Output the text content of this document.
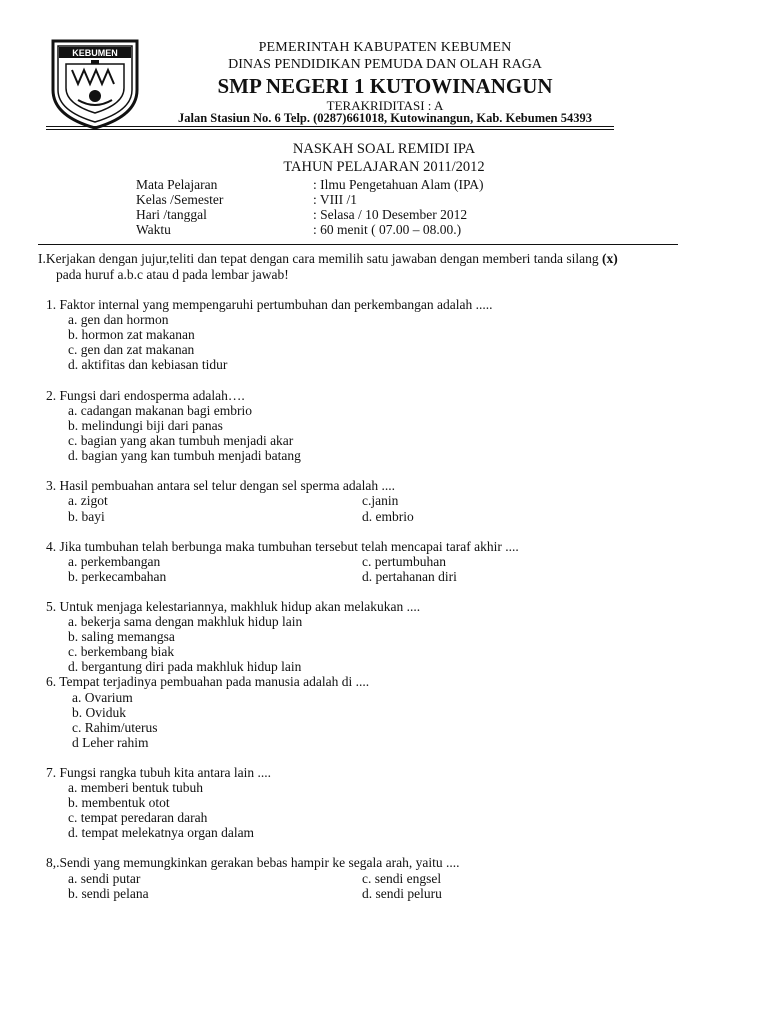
KEBUMEN	PEMERINTAH KABUPATEN KEBUMEN
DINAS PENDIDIKAN PEMUDA DAN OLAH RAGA
SMP NEGERI 1 KUTOWINANGUN
TERAKRIDITASI : A
Jalan Stasiun No. 6 Telp. (0287)661018, Kutowinangun, Kab. Kebumen 54393
NASKAH SOAL REMIDI IPA
TAHUN PELAJARAN 2011/2012
Mata Pelajaran	: Ilmu Pengetahuan Alam (IPA)
Kelas /Semester	: VIII /1
Hari /tanggal	: Selasa / 10 Desember 2012
Waktu	: 60 menit ( 07.00 – 08.00.)
I.Kerjakan dengan jujur,teliti dan tepat dengan cara memilih satu jawaban dengan memberi tanda silang (x)
pada huruf a.b.c atau d pada lembar jawab!
1. Faktor internal yang mempengaruhi pertumbuhan dan perkembangan adalah .....
a. gen dan hormon
b. hormon zat makanan
c. gen dan zat makanan
d. aktifitas dan kebiasan tidur
2. Fungsi dari endosperma adalah….
a. cadangan makanan bagi embrio
b. melindungi biji dari panas
c. bagian yang akan tumbuh menjadi akar
d. bagian yang kan tumbuh menjadi batang
3. Hasil pembuahan antara sel telur dengan sel sperma adalah ....
a. zigot	c.janin
b. bayi	d. embrio
4. Jika tumbuhan telah berbunga maka tumbuhan tersebut telah mencapai taraf akhir ....
a. perkembangan	c. pertumbuhan
b. perkecambahan	d. pertahanan diri
5. Untuk menjaga kelestariannya, makhluk hidup akan melakukan ....
a. bekerja sama dengan makhluk hidup lain
b. saling memangsa
c. berkembang biak
d. bergantung diri pada makhluk hidup lain
6. Tempat terjadinya pembuahan pada manusia adalah di ....
a. Ovarium
b. Oviduk
c. Rahim/uterus
d Leher rahim
7. Fungsi rangka tubuh kita antara lain ....
a. memberi bentuk tubuh
b. membentuk otot
c. tempat peredaran darah
d. tempat melekatnya organ dalam
8,.Sendi yang memungkinkan gerakan bebas hampir ke segala arah, yaitu ....
a. sendi putar	c. sendi engsel
b. sendi pelana	d. sendi peluru
